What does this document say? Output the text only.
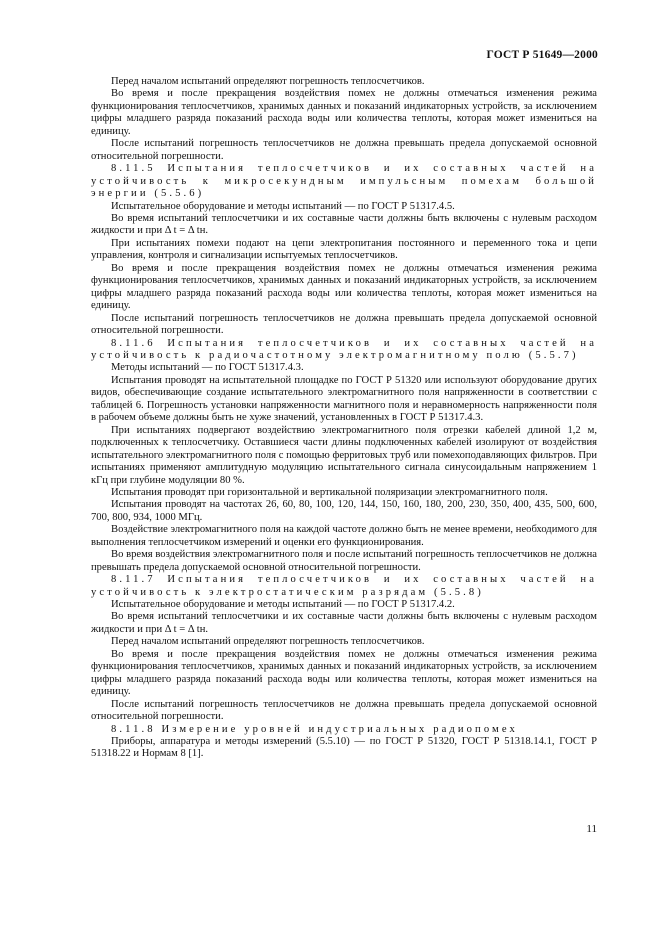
ГОСТ Р 51649—2000

Перед началом испытаний определяют погрешность теплосчетчиков.

Во время и после прекращения воздействия помех не должны отмечаться изменения режима функционирования теплосчетчиков, хранимых данных и показаний индикаторных устройств, за исключением цифры младшего разряда показаний расхода воды или количества теплоты, которая может измениться на единицу.

После испытаний погрешность теплосчетчиков не должна превышать предела допускаемой основной относительной погрешности.

8.11.5 Испытания теплосчетчиков и их составных частей на устойчивость к микросекундным импульсным помехам большой энергии (5.5.6)

Испытательное оборудование и методы испытаний — по ГОСТ Р 51317.4.5.

Во время испытаний теплосчетчики и их составные части должны быть включены с нулевым расходом жидкости и при Δ t = Δ tн.

При испытаниях помехи подают на цепи электропитания постоянного и переменного тока и цепи управления, контроля и сигнализации испытуемых теплосчетчиков.

Во время и после прекращения воздействия помех не должны отмечаться изменения режима функционирования теплосчетчиков, хранимых данных и показаний индикаторных устройств, за исключением цифры младшего разряда показаний расхода воды или количества теплоты, которая может измениться на единицу.

После испытаний погрешность теплосчетчиков не должна превышать предела допускаемой основной относительной погрешности.

8.11.6 Испытания теплосчетчиков и их составных частей на устойчивость к радиочастотному электромагнитному полю (5.5.7)

Методы испытаний — по ГОСТ 51317.4.3.

Испытания проводят на испытательной площадке по ГОСТ Р 51320 или используют оборудование других видов, обеспечивающие создание испытательного электромагнитного поля напряженности в соответствии с таблицей 6. Погрешность установки напряженности магнитного поля и неравномерность напряженности поля в рабочем объеме должны быть не хуже значений, установленных в ГОСТ Р 51317.4.3.

При испытаниях подвергают воздействию электромагнитного поля отрезки кабелей длиной 1,2 м, подключенных к теплосчетчику. Оставшиеся части длины подключенных кабелей изолируют от воздействия испытательного электромагнитного поля с помощью ферритовых труб или помехоподавляющих фильтров. При испытаниях применяют амплитудную модуляцию испытательного сигнала синусоидальным напряжением 1 кГц при глубине модуляции 80 %.

Испытания проводят при горизонтальной и вертикальной поляризации электромагнитного поля.

Испытания проводят на частотах 26, 60, 80, 100, 120, 144, 150, 160, 180, 200, 230, 350, 400, 435, 500, 600, 700, 800, 934, 1000 МГц.

Воздействие электромагнитного поля на каждой частоте должно быть не менее времени, необходимого для выполнения теплосчетчиком измерений и оценки его функционирования.

Во время воздействия электромагнитного поля и после испытаний погрешность теплосчетчиков не должна превышать предела допускаемой основной относительной погрешности.

8.11.7 Испытания теплосчетчиков и их составных частей на устойчивость к электростатическим разрядам (5.5.8)

Испытательное оборудование и методы испытаний — по ГОСТ Р 51317.4.2.

Во время испытаний теплосчетчики и их составные части должны быть включены с нулевым расходом жидкости и при Δ t = Δ tн.

Перед началом испытаний определяют погрешность теплосчетчиков.

Во время и после прекращения воздействия помех не должны отмечаться изменения режима функционирования теплосчетчиков, хранимых данных и показаний индикаторных устройств, за исключением цифры младшего разряда показаний расхода воды или количества теплоты, которая может измениться на единицу.

После испытаний погрешность теплосчетчиков не должна превышать предела допускаемой основной относительной погрешности.

8.11.8 Измерение уровней индустриальных радиопомех

Приборы, аппаратура и методы измерений (5.5.10) — по ГОСТ Р 51320, ГОСТ Р 51318.14.1, ГОСТ Р 51318.22 и Нормам 8 [1].

11
